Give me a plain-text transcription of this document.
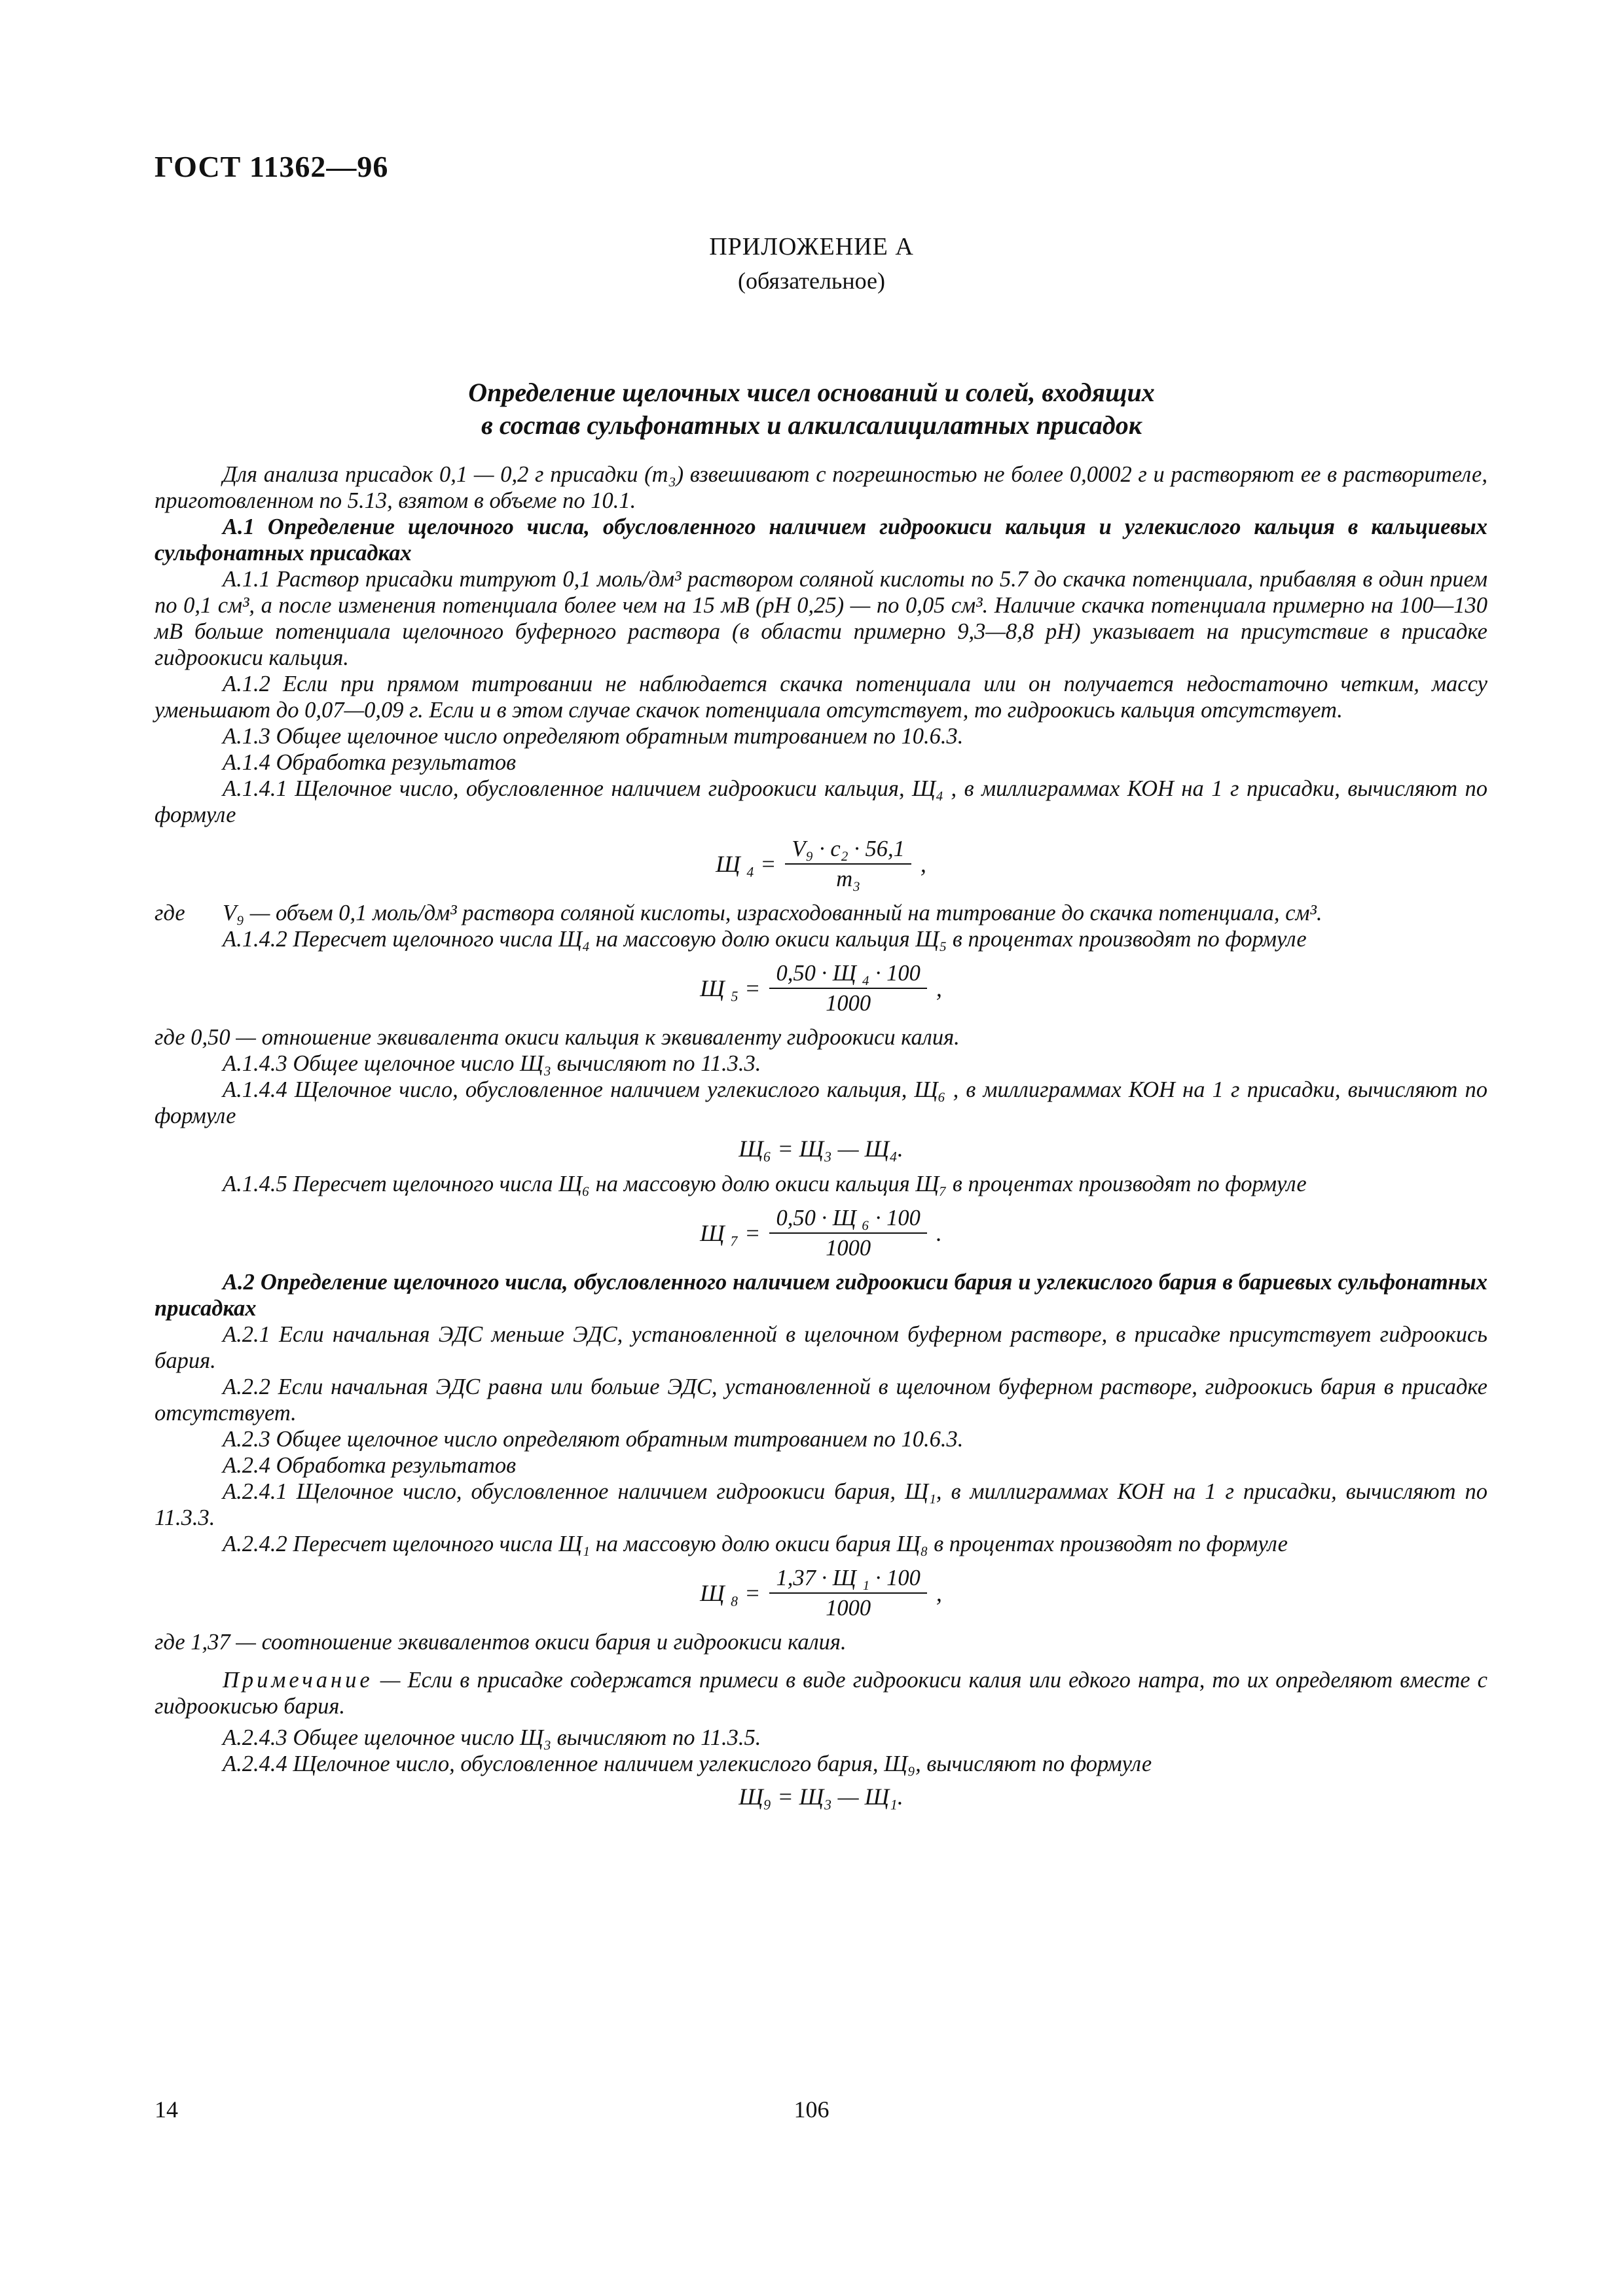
ГОСТ 11362—96
ПРИЛОЖЕНИЕ А
(обязательное)
Определение щелочных чисел оснований и солей, входящих
в состав сульфонатных и алкилсалицилатных присадок

Для анализа присадок 0,1 — 0,2 г присадки (m₃) взвешивают с погрешностью не более 0,0002 г и растворяют ее в растворителе, приготовленном по 5.13, взятом в объеме по 10.1.

А.1 Определение щелочного числа, обусловленного наличием гидроокиси кальция и углекислого кальция в кальциевых сульфонатных присадках

А.1.1 Раствор присадки титруют 0,1 моль/дм³ раствором соляной кислоты по 5.7 до скачка потенциала, прибавляя в один прием по 0,1 см³, а после изменения потенциала более чем на 15 мВ (рН 0,25) — по 0,05 см³. Наличие скачка потенциала примерно на 100—130 мВ больше потенциала щелочного буферного раствора (в области примерно 9,3—8,8 рН) указывает на присутствие в присадке гидроокиси кальция.

А.1.2 Если при прямом титровании не наблюдается скачка потенциала или он получается недостаточно четким, массу уменьшают до 0,07—0,09 г. Если и в этом случае скачок потенциала отсутствует, то гидроокись кальция отсутствует.

А.1.3 Общее щелочное число определяют обратным титрованием по 10.6.3.

А.1.4 Обработка результатов

А.1.4.1 Щелочное число, обусловленное наличием гидроокиси кальция, Щ₄ , в миллиграммах КОН на 1 г присадки, вычисляют по формуле

Щ $_4 = \frac{\text{V₉ · c₂ · 56,1}}{\text{m₃}}$ ,
где	V₉ — объем 0,1 моль/дм³ раствора соляной кислоты, израсходованный на титрование до скачка потенциала, см³.

А.1.4.2 Пересчет щелочного числа Щ₄ на массовую долю окиси кальция Щ₅ в процентах производят по формуле

Щ $_5 = \frac{\text{0,50 · Щ ₄ · 100}}{1000}$ ,

где 0,50 — отношение эквивалента окиси кальция к эквиваленту гидроокиси калия.

А.1.4.3 Общее щелочное число Щ₃ вычисляют по 11.3.3.

А.1.4.4 Щелочное число, обусловленное наличием углекислого кальция, Щ₆ , в миллиграммах КОН на 1 г присадки, вычисляют по формуле

Щ₆ = Щ₃ — Щ₄.

А.1.4.5 Пересчет щелочного числа Щ₆ на массовую долю окиси кальция Щ₇ в процентах производят по формуле

Щ $_7 = \frac{\text{0,50 · Щ ₆ · 100}}{1000}$ .

А.2 Определение щелочного числа, обусловленного наличием гидроокиси бария и углекислого бария в бариевых сульфонатных присадках

А.2.1 Если начальная ЭДС меньше ЭДС, установленной в щелочном буферном растворе, в присадке присутствует гидроокись бария.

А.2.2 Если начальная ЭДС равна или больше ЭДС, установленной в щелочном буферном растворе, гидроокись бария в присадке отсутствует.

А.2.3 Общее щелочное число определяют обратным титрованием по 10.6.3.

А.2.4 Обработка результатов

А.2.4.1 Щелочное число, обусловленное наличием гидроокиси бария, Щ₁, в миллиграммах КОН на 1 г присадки, вычисляют по 11.3.3.

А.2.4.2 Пересчет щелочного числа Щ₁ на массовую долю окиси бария Щ₈ в процентах производят по формуле

Щ $_8 = \frac{\text{1,37 · Щ ₁ · 100}}{1000}$ ,

где 1,37 — соотношение эквивалентов окиси бария и гидроокиси калия.

Примечание — Если в присадке содержатся примеси в виде гидроокиси калия или едкого натра, то их определяют вместе с гидроокисью бария.

А.2.4.3 Общее щелочное число Щ₃ вычисляют по 11.3.5.

А.2.4.4 Щелочное число, обусловленное наличием углекислого бария, Щ₉, вычисляют по формуле

Щ₉ = Щ₃ — Щ₁.
14	106
